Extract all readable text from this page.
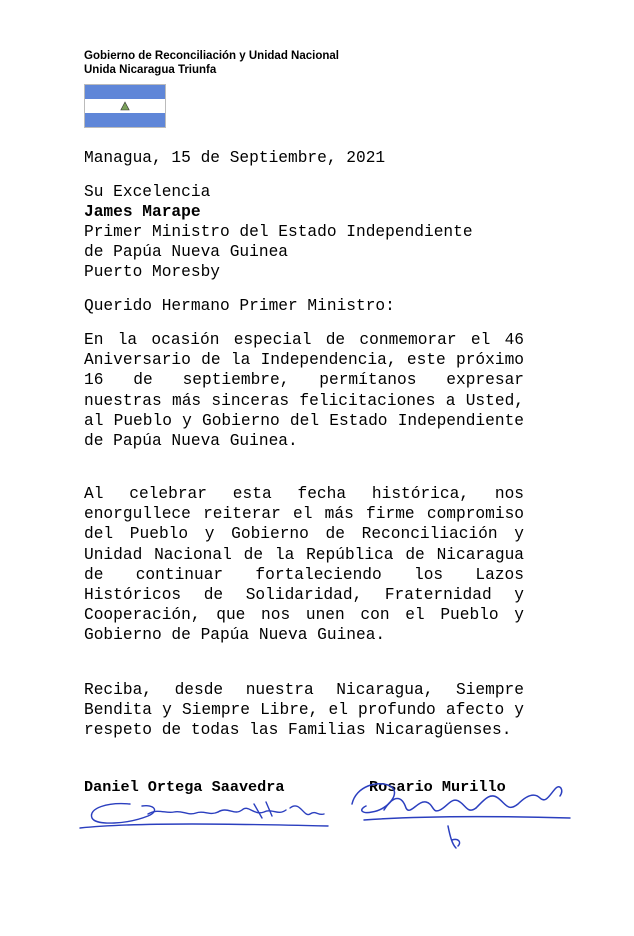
Gobierno de Reconciliación y Unidad Nacional
Unida Nicaragua Triunfa
Managua, 15 de Septiembre, 2021
Su Excelencia
James Marape
Primer Ministro del Estado Independiente
de Papúa Nueva Guinea
Puerto Moresby
Querido Hermano Primer Ministro:
En la ocasión especial de conmemorar el 46 Aniversario de la Independencia, este próximo 16 de septiembre, permítanos expresar nuestras más sinceras felicitaciones a Usted, al Pueblo y Gobierno del Estado Independiente de Papúa Nueva Guinea.
Al celebrar esta fecha histórica, nos enorgullece reiterar el más firme compromiso del Pueblo y Gobierno de Reconciliación y Unidad Nacional de la República de Nicaragua de continuar fortaleciendo los Lazos Históricos de Solidaridad, Fraternidad y Cooperación, que nos unen con el Pueblo y Gobierno de Papúa Nueva Guinea.
Reciba, desde nuestra Nicaragua, Siempre Bendita y Siempre Libre, el profundo afecto y respeto de todas las Familias Nicaragüenses.
Daniel Ortega Saavedra	Rosario Murillo
